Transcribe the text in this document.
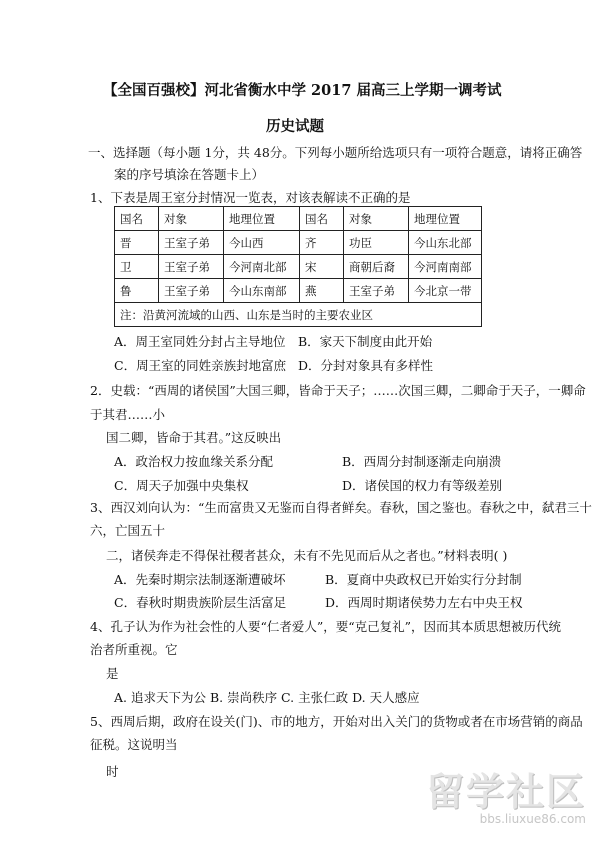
【全国百强校】河北省衡水中学 2017 届高三上学期一调考试
历史试题
一、选择题（每小题 1分，共 48分。下列每小题所给选项只有一项符合题意，请将正确答
案的序号填涂在答题卡上）
1、下表是周王室分封情况一览表，对该表解读不正确的是
国名	对象	地理位置	国名	对象	地理位置
晋	王室子弟	今山西	齐	功臣	今山东北部
卫	王室子弟	今河南北部	宋	商朝后裔	今河南南部
鲁	王室子弟	今山东南部	燕	王室子弟	今北京一带
注：沿黄河流域的山西、山东是当时的主要农业区					
A．周王室同姓分封占主导地位 B．家天下制度由此开始
C．周王室的同姓亲族封地富庶 D．分封对象具有多样性
2．史载：“西周的诸侯国”大国三卿，皆命于天子；……次国三卿，二卿命于天子，一卿命
于其君……小
国二卿，皆命于其君。”这反映出
A．政治权力按血缘关系分配	B．西周分封制逐渐走向崩溃
C．周天子加强中央集权	D．诸侯国的权力有等级差别
3、西汉刘向认为：“生而富贵又无鉴而自得者鲜矣。春秋，国之鉴也。春秋之中，弑君三十
六，亡国五十
二，诸侯奔走不得保社稷者甚众，未有不先见而后从之者也。”材料表明( )
A．先秦时期宗法制逐渐遭破坏	B．夏商中央政权已开始实行分封制
C．春秋时期贵族阶层生活富足	D．西周时期诸侯势力左右中央王权
4、孔子认为作为社会性的人要“仁者爱人”，要“克己复礼”，因而其本质思想被历代统
治者所重视。它
是
A. 追求天下为公 B. 崇尚秩序 C. 主张仁政 D. 天人感应
5、西周后期，政府在设关(门)、市的地方，开始对出入关门的货物或者在市场营销的商品
征税。这说明当
时	留学社区
bbs.liuxue86.com
